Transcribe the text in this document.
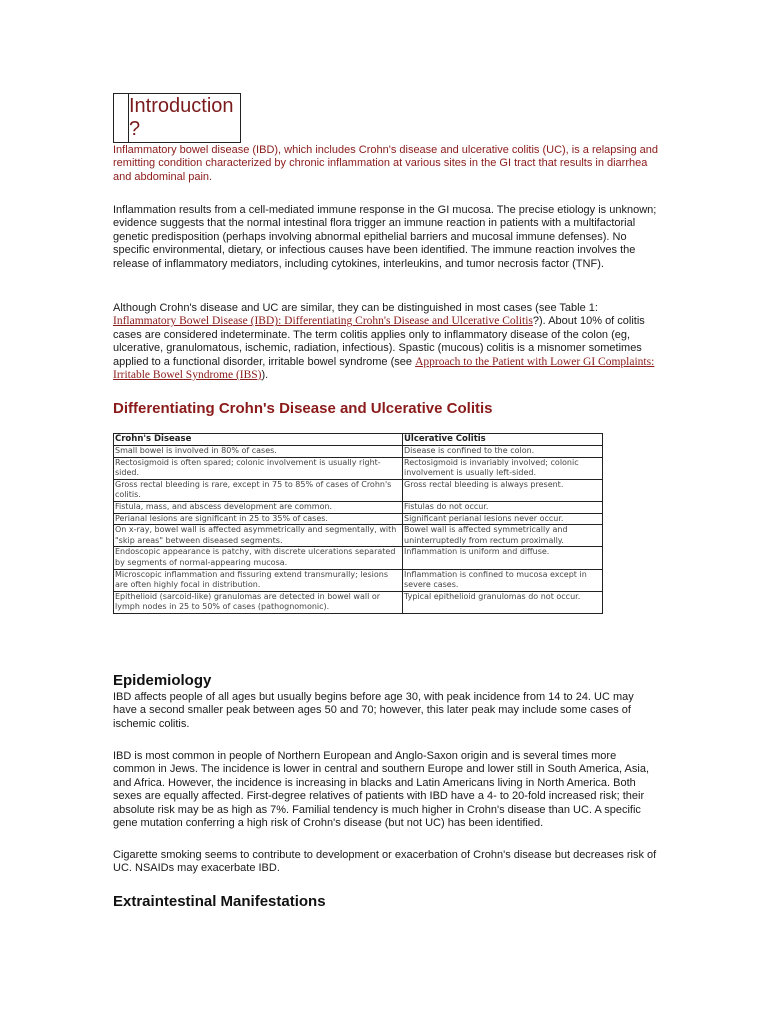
Introduction ?

Inflammatory bowel disease (IBD), which includes Crohn's disease and ulcerative colitis (UC), is a relapsing and remitting condition characterized by chronic inflammation at various sites in the GI tract that results in diarrhea and abdominal pain.

Inflammation results from a cell-mediated immune response in the GI mucosa. The precise etiology is unknown; evidence suggests that the normal intestinal flora trigger an immune reaction in patients with a multifactorial genetic predisposition (perhaps involving abnormal epithelial barriers and mucosal immune defenses). No specific environmental, dietary, or infectious causes have been identified. The immune reaction involves the release of inflammatory mediators, including cytokines, interleukins, and tumor necrosis factor (TNF).

Although Crohn's disease and UC are similar, they can be distinguished in most cases (see Table 1: Inflammatory Bowel Disease (IBD): Differentiating Crohn's Disease and Ulcerative Colitis?). About 10% of colitis cases are considered indeterminate. The term colitis applies only to inflammatory disease of the colon (eg, ulcerative, granulomatous, ischemic, radiation, infectious). Spastic (mucous) colitis is a misnomer sometimes applied to a functional disorder, irritable bowel syndrome (see Approach to the Patient with Lower GI Complaints: Irritable Bowel Syndrome (IBS)).

Differentiating Crohn's Disease and Ulcerative Colitis
Crohn's Disease	Ulcerative Colitis
Small bowel is involved in 80% of cases.	Disease is confined to the colon.
Rectosigmoid is often spared; colonic involvement is usually right-sided.	Rectosigmoid is invariably involved; colonic involvement is usually left-sided.
Gross rectal bleeding is rare, except in 75 to 85% of cases of Crohn's colitis.	Gross rectal bleeding is always present.
Fistula, mass, and abscess development are common.	Fistulas do not occur.
Perianal lesions are significant in 25 to 35% of cases.	Significant perianal lesions never occur.
On x-ray, bowel wall is affected asymmetrically and segmentally, with "skip areas" between diseased segments.	Bowel wall is affected symmetrically and uninterruptedly from rectum proximally.
Endoscopic appearance is patchy, with discrete ulcerations separated by segments of normal-appearing mucosa.	Inflammation is uniform and diffuse.
Microscopic inflammation and fissuring extend transmurally; lesions are often highly focal in distribution.	Inflammation is confined to mucosa except in severe cases.
Epithelioid (sarcoid-like) granulomas are detected in bowel wall or lymph nodes in 25 to 50% of cases (pathognomonic).	Typical epithelioid granulomas do not occur.
Epidemiology

IBD affects people of all ages but usually begins before age 30, with peak incidence from 14 to 24. UC may have a second smaller peak between ages 50 and 70; however, this later peak may include some cases of ischemic colitis.

IBD is most common in people of Northern European and Anglo-Saxon origin and is several times more common in Jews. The incidence is lower in central and southern Europe and lower still in South America, Asia, and Africa. However, the incidence is increasing in blacks and Latin Americans living in North America. Both sexes are equally affected. First-degree relatives of patients with IBD have a 4- to 20-fold increased risk; their absolute risk may be as high as 7%. Familial tendency is much higher in Crohn's disease than UC. A specific gene mutation conferring a high risk of Crohn's disease (but not UC) has been identified.

Cigarette smoking seems to contribute to development or exacerbation of Crohn's disease but decreases risk of UC. NSAIDs may exacerbate IBD.

Extraintestinal Manifestations
